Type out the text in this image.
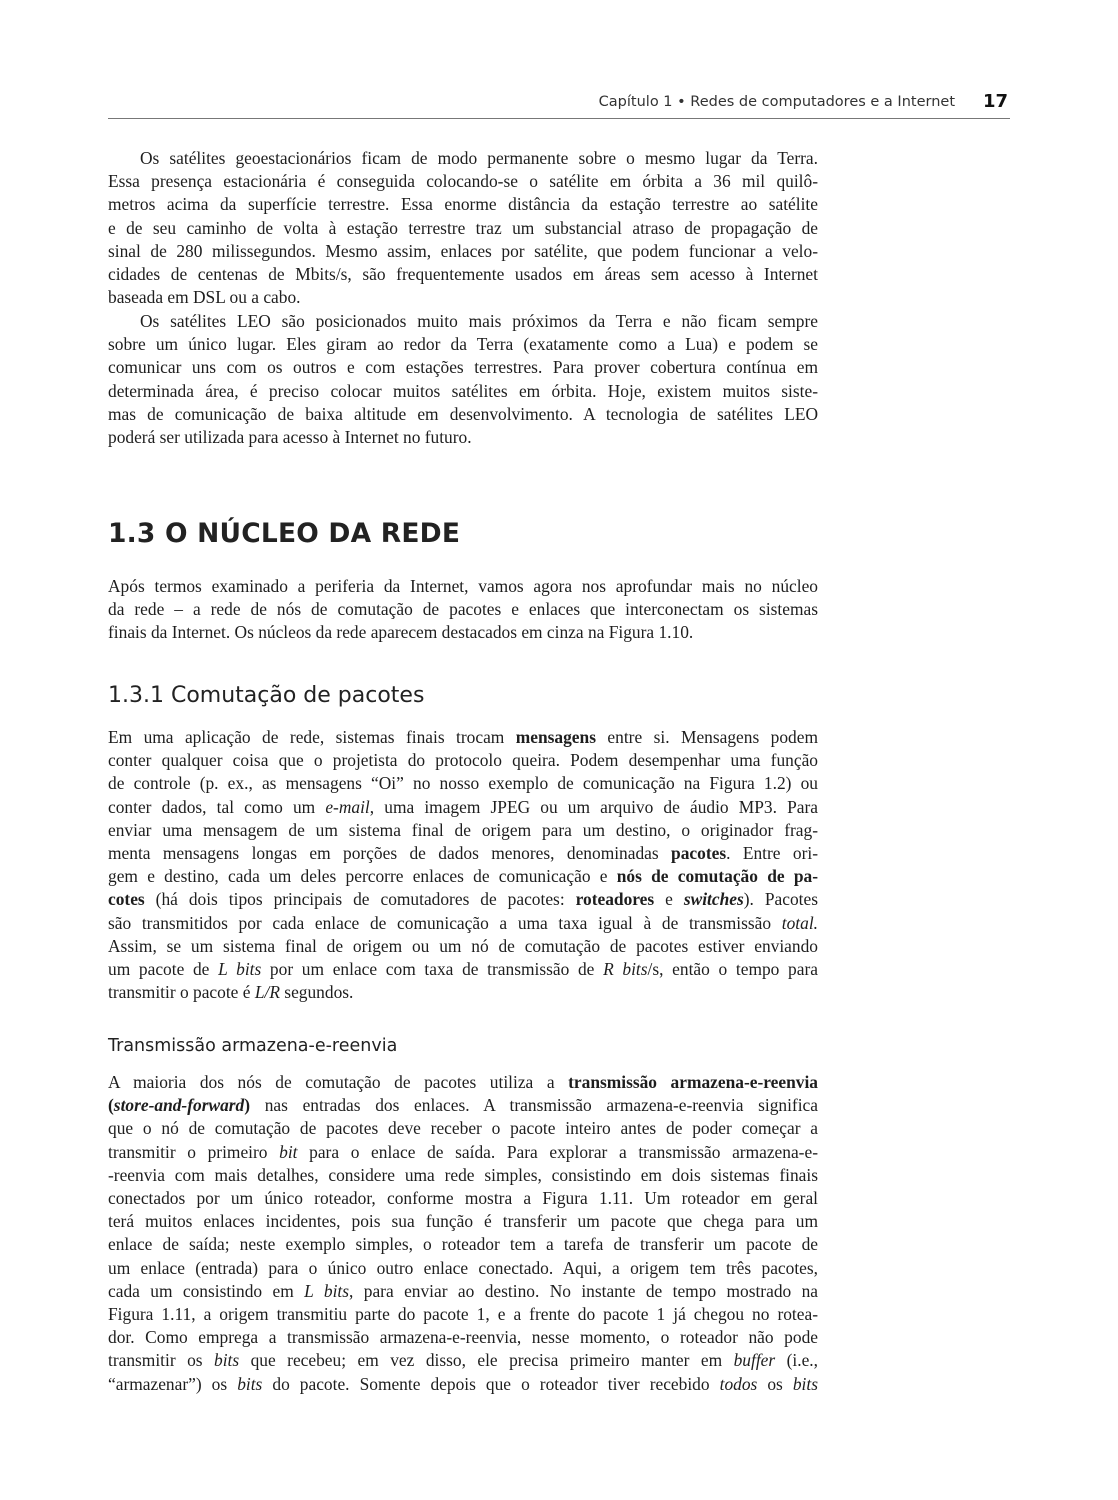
Capítulo 1 • Redes de computadores e a Internet 17
Os satélites geoestacionários ficam de modo permanente sobre o mesmo lugar da Terra.
Essa presença estacionária é conseguida colocando-se o satélite em órbita a 36 mil quilô-
metros acima da superfície terrestre. Essa enorme distância da estação terrestre ao satélite
e de seu caminho de volta à estação terrestre traz um substancial atraso de propagação de
sinal de 280 milissegundos. Mesmo assim, enlaces por satélite, que podem funcionar a velo-
cidades de centenas de Mbits/s, são frequentemente usados em áreas sem acesso à Internet
baseada em DSL ou a cabo.
Os satélites LEO são posicionados muito mais próximos da Terra e não ficam sempre
sobre um único lugar. Eles giram ao redor da Terra (exatamente como a Lua) e podem se
comunicar uns com os outros e com estações terrestres. Para prover cobertura contínua em
determinada área, é preciso colocar muitos satélites em órbita. Hoje, existem muitos siste-
mas de comunicação de baixa altitude em desenvolvimento. A tecnologia de satélites LEO
poderá ser utilizada para acesso à Internet no futuro.
1.3 O NÚCLEO DA REDE
Após termos examinado a periferia da Internet, vamos agora nos aprofundar mais no núcleo
da rede – a rede de nós de comutação de pacotes e enlaces que interconectam os sistemas
finais da Internet. Os núcleos da rede aparecem destacados em cinza na Figura 1.10.
1.3.1 Comutação de pacotes
Em uma aplicação de rede, sistemas finais trocam mensagens entre si. Mensagens podem
conter qualquer coisa que o projetista do protocolo queira. Podem desempenhar uma função
de controle (p. ex., as mensagens “Oi” no nosso exemplo de comunicação na Figura 1.2) ou
conter dados, tal como um e-mail, uma imagem JPEG ou um arquivo de áudio MP3. Para
enviar uma mensagem de um sistema final de origem para um destino, o originador frag-
menta mensagens longas em porções de dados menores, denominadas pacotes. Entre ori-
gem e destino, cada um deles percorre enlaces de comunicação e nós de comutação de pa-
cotes (há dois tipos principais de comutadores de pacotes: roteadores e switches). Pacotes
são transmitidos por cada enlace de comunicação a uma taxa igual à de transmissão total.
Assim, se um sistema final de origem ou um nó de comutação de pacotes estiver enviando
um pacote de L bits por um enlace com taxa de transmissão de R bits/s, então o tempo para
transmitir o pacote é L/R segundos.
Transmissão armazena-e-reenvia
A maioria dos nós de comutação de pacotes utiliza a transmissão armazena-e-reenvia
(store-and-forward) nas entradas dos enlaces. A transmissão armazena-e-reenvia significa
que o nó de comutação de pacotes deve receber o pacote inteiro antes de poder começar a
transmitir o primeiro bit para o enlace de saída. Para explorar a transmissão armazena-e-
-reenvia com mais detalhes, considere uma rede simples, consistindo em dois sistemas finais
conectados por um único roteador, conforme mostra a Figura 1.11. Um roteador em geral
terá muitos enlaces incidentes, pois sua função é transferir um pacote que chega para um
enlace de saída; neste exemplo simples, o roteador tem a tarefa de transferir um pacote de
um enlace (entrada) para o único outro enlace conectado. Aqui, a origem tem três pacotes,
cada um consistindo em L bits, para enviar ao destino. No instante de tempo mostrado na
Figura 1.11, a origem transmitiu parte do pacote 1, e a frente do pacote 1 já chegou no rotea-
dor. Como emprega a transmissão armazena-e-reenvia, nesse momento, o roteador não pode
transmitir os bits que recebeu; em vez disso, ele precisa primeiro manter em buffer (i.e.,
“armazenar”) os bits do pacote. Somente depois que o roteador tiver recebido todos os bits
